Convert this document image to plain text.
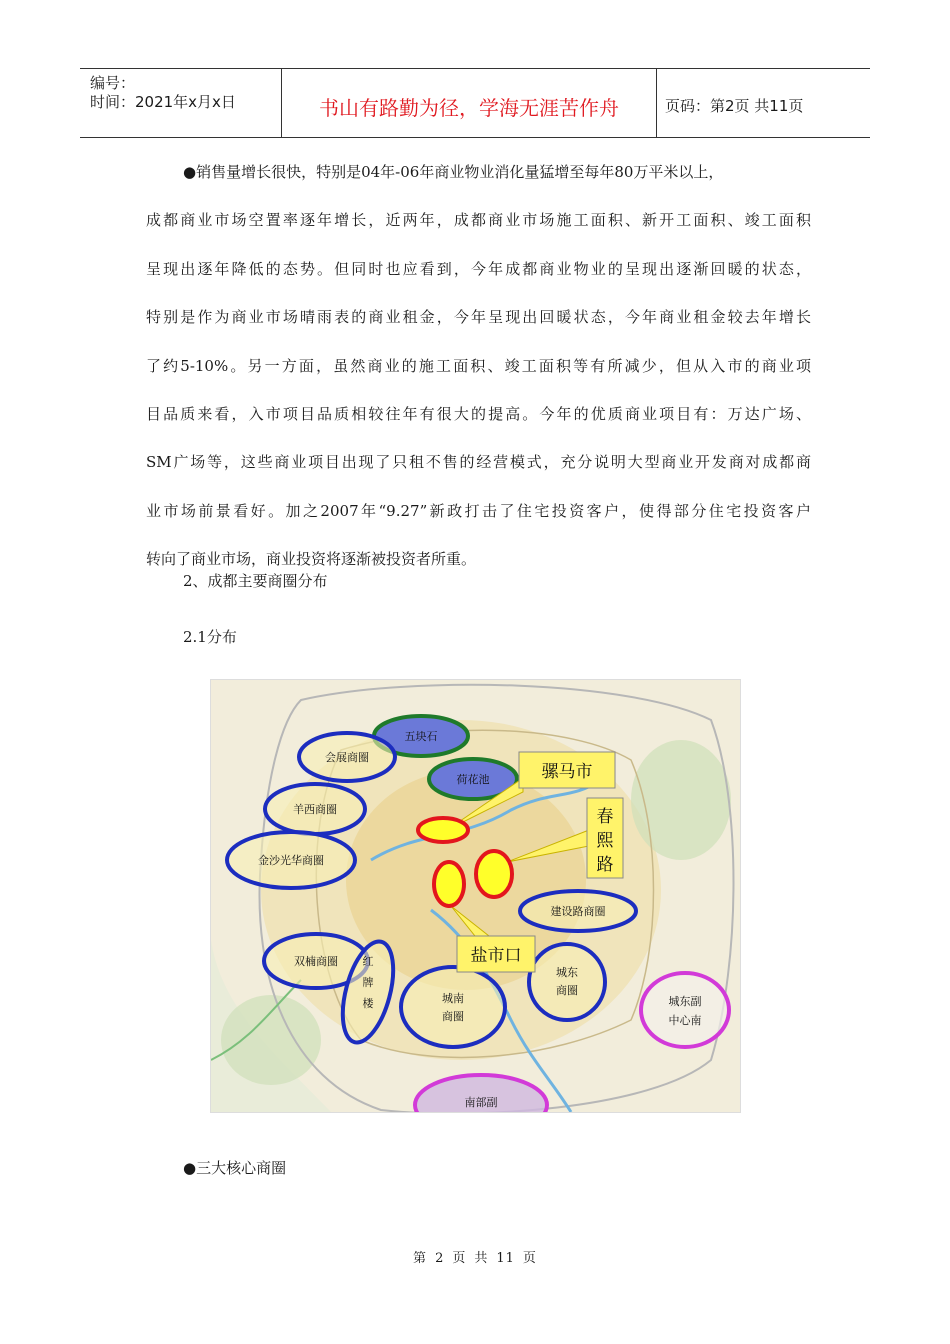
编号：
时间：2021年x月x日	书山有路勤为径，学海无涯苦作舟	页码：第2页 共11页
●销售量增长很快，特别是04年-06年商业物业消化量猛增至每年80万平米以上，
成都商业市场空置率逐年增长，近两年，成都商业市场施工面积、新开工面积、竣工面积
呈现出逐年降低的态势。但同时也应看到，今年成都商业物业的呈现出逐渐回暖的状态，
特别是作为商业市场晴雨表的商业租金，今年呈现出回暖状态，今年商业租金较去年增长
了约5-10%。另一方面，虽然商业的施工面积、竣工面积等有所减少，但从入市的商业项
目品质来看，入市项目品质相较往年有很大的提高。今年的优质商业项目有：万达广场、
SM广场等，这些商业项目出现了只租不售的经营模式，充分说明大型商业开发商对成都商
业市场前景看好。加之2007年“9.27”新政打击了住宅投资客户，使得部分住宅投资客户
转向了商业市场，商业投资将逐渐被投资者所重。
2、成都主要商圈分布
2.1分布
五块石
荷花池
会展商圈
羊西商圈
金沙光华商圈
双楠商圈 红
牌
楼	城南
商圈
城东
商圈
建设路商圈
城东副
中心南
南部副
骡马市
春
熙
路
盐市口
●三大核心商圈
第 2 页 共 11 页
